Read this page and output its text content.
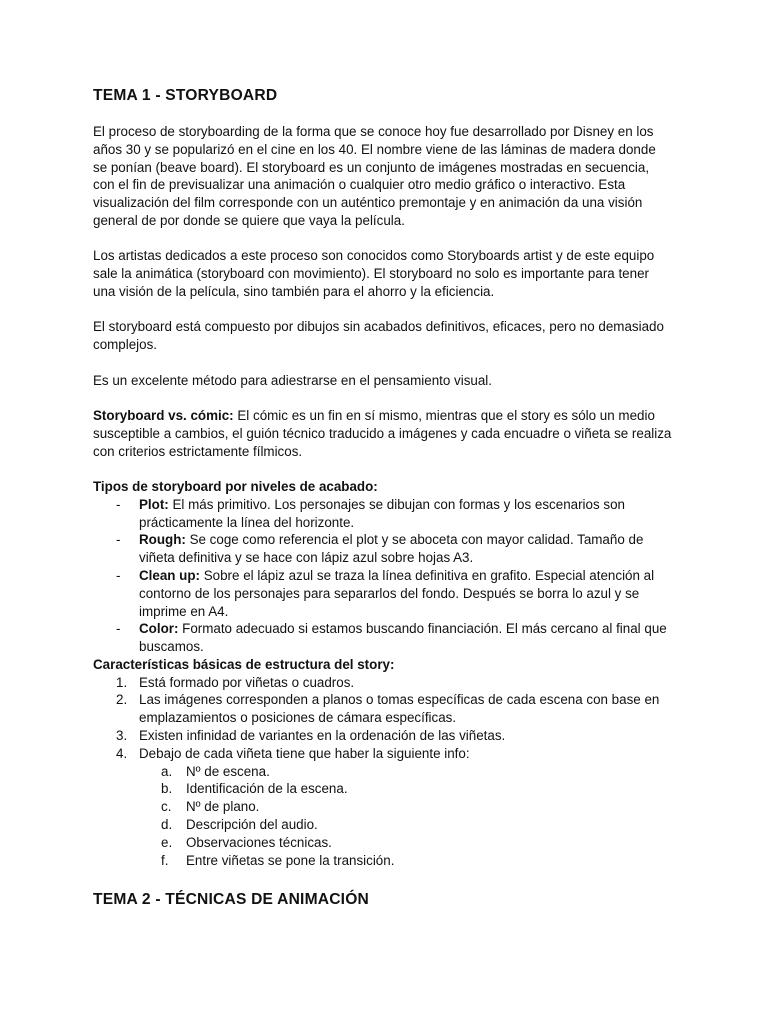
TEMA 1 - STORYBOARD

El proceso de storyboarding de la forma que se conoce hoy fue desarrollado por Disney en los años 30 y se popularizó en el cine en los 40. El nombre viene de las láminas de madera donde se ponían (beave board). El storyboard es un conjunto de imágenes mostradas en secuencia, con el fin de previsualizar una animación o cualquier otro medio gráfico o interactivo. Esta visualización del film corresponde con un auténtico premontaje y en animación da una visión general de por donde se quiere que vaya la película.

Los artistas dedicados a este proceso son conocidos como Storyboards artist y de este equipo sale la animática (storyboard con movimiento). El storyboard no solo es importante para tener una visión de la película, sino también para el ahorro y la eficiencia.

El storyboard está compuesto por dibujos sin acabados definitivos, eficaces, pero no demasiado complejos.

Es un excelente método para adiestrarse en el pensamiento visual.

Storyboard vs. cómic: El cómic es un fin en sí mismo, mientras que el story es sólo un medio susceptible a cambios, el guión técnico traducido a imágenes y cada encuadre o viñeta se realiza con criterios estrictamente fílmicos.

Tipos de storyboard por niveles de acabado:

- Plot: El más primitivo. Los personajes se dibujan con formas y los escenarios son prácticamente la línea del horizonte.
- Rough: Se coge como referencia el plot y se aboceta con mayor calidad. Tamaño de viñeta definitiva y se hace con lápiz azul sobre hojas A3.
- Clean up: Sobre el lápiz azul se traza la línea definitiva en grafito. Especial atención al contorno de los personajes para separarlos del fondo. Después se borra lo azul y se imprime en A4.
- Color: Formato adecuado si estamos buscando financiación. El más cercano al final que buscamos.

Características básicas de estructura del story:

1. Está formado por viñetas o cuadros.
2. Las imágenes corresponden a planos o tomas específicas de cada escena con base en emplazamientos o posiciones de cámara específicas.
3. Existen infinidad de variantes en la ordenación de las viñetas.
4. Debajo de cada viñeta tiene que haber la siguiente info:
a. Nº de escena.
b. Identificación de la escena.
c. Nº de plano.
d. Descripción del audio.
e. Observaciones técnicas.
f. Entre viñetas se pone la transición.
TEMA 2 - TÉCNICAS DE ANIMACIÓN
